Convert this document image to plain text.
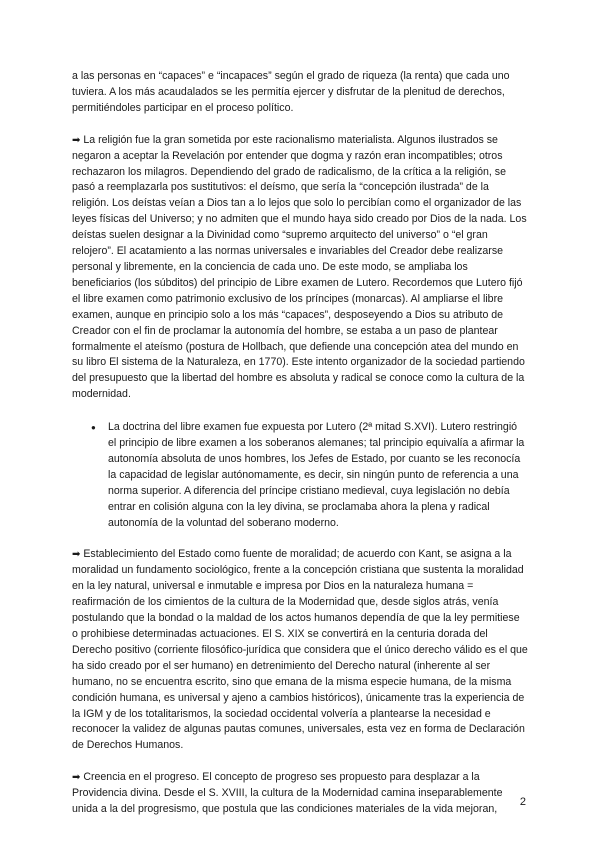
a las personas en “capaces” e “incapaces” según el grado de riqueza (la renta) que cada uno tuviera. A los más acaudalados se les permitía ejercer y disfrutar de la plenitud de derechos, permitiéndoles participar en el proceso político.

➡ La religión fue la gran sometida por este racionalismo materialista. Algunos ilustrados se negaron a aceptar la Revelación por entender que dogma y razón eran incompatibles; otros rechazaron los milagros. Dependiendo del grado de radicalismo, de la crítica a la religión, se pasó a reemplazarla pos sustitutivos: el deísmo, que sería la “concepción ilustrada” de la religión. Los deístas veían a Dios tan a lo lejos que solo lo percibían como el organizador de las leyes físicas del Universo; y no admiten que el mundo haya sido creado por Dios de la nada. Los deístas suelen designar a la Divinidad como “supremo arquitecto del universo” o “el gran relojero”. El acatamiento a las normas universales e invariables del Creador debe realizarse personal y libremente, en la conciencia de cada uno. De este modo, se ampliaba los beneficiarios (los súbditos) del principio de Libre examen de Lutero. Recordemos que Lutero fijó el libre examen como patrimonio exclusivo de los príncipes (monarcas). Al ampliarse el libre examen, aunque en principio solo a los más “capaces”, desposeyendo a Dios su atributo de Creador con el fin de proclamar la autonomía del hombre, se estaba a un paso de plantear formalmente el ateísmo (postura de Hollbach, que defiende una concepción atea del mundo en su libro El sistema de la Naturaleza, en 1770). Este intento organizador de la sociedad partiendo del presupuesto que la libertad del hombre es absoluta y radical se conoce como la cultura de la modernidad.

● La doctrina del libre examen fue expuesta por Lutero (2ª mitad S.XVI). Lutero restringió el principio de libre examen a los soberanos alemanes; tal principio equivalía a afirmar la autonomía absoluta de unos hombres, los Jefes de Estado, por cuanto se les reconocía la capacidad de legislar autónomamente, es decir, sin ningún punto de referencia a una norma superior. A diferencia del príncipe cristiano medieval, cuya legislación no debía entrar en colisión alguna con la ley divina, se proclamaba ahora la plena y radical autonomía de la voluntad del soberano moderno.

➡ Establecimiento del Estado como fuente de moralidad; de acuerdo con Kant, se asigna a la moralidad un fundamento sociológico, frente a la concepción cristiana que sustenta la moralidad en la ley natural, universal e inmutable e impresa por Dios en la naturaleza humana = reafirmación de los cimientos de la cultura de la Modernidad que, desde siglos atrás, venía postulando que la bondad o la maldad de los actos humanos dependía de que la ley permitiese o prohibiese determinadas actuaciones. El S. XIX se convertirá en la centuria dorada del Derecho positivo (corriente filosófico-jurídica que considera que el único derecho válido es el que ha sido creado por el ser humano) en detrenimiento del Derecho natural (inherente al ser humano, no se encuentra escrito, sino que emana de la misma especie humana, de la misma condición humana, es universal y ajeno a cambios históricos), únicamente tras la experiencia de la IGM y de los totalitarismos, la sociedad occidental volvería a plantearse la necesidad e reconocer la validez de algunas pautas comunes, universales, esta vez en forma de Declaración de Derechos Humanos.

➡ Creencia en el progreso. El concepto de progreso ses propuesto para desplazar a la Providencia divina. Desde el S. XVIII, la cultura de la Modernidad camina inseparablemente unida a la del progresismo, que postula que las condiciones materiales de la vida mejoran,

2
